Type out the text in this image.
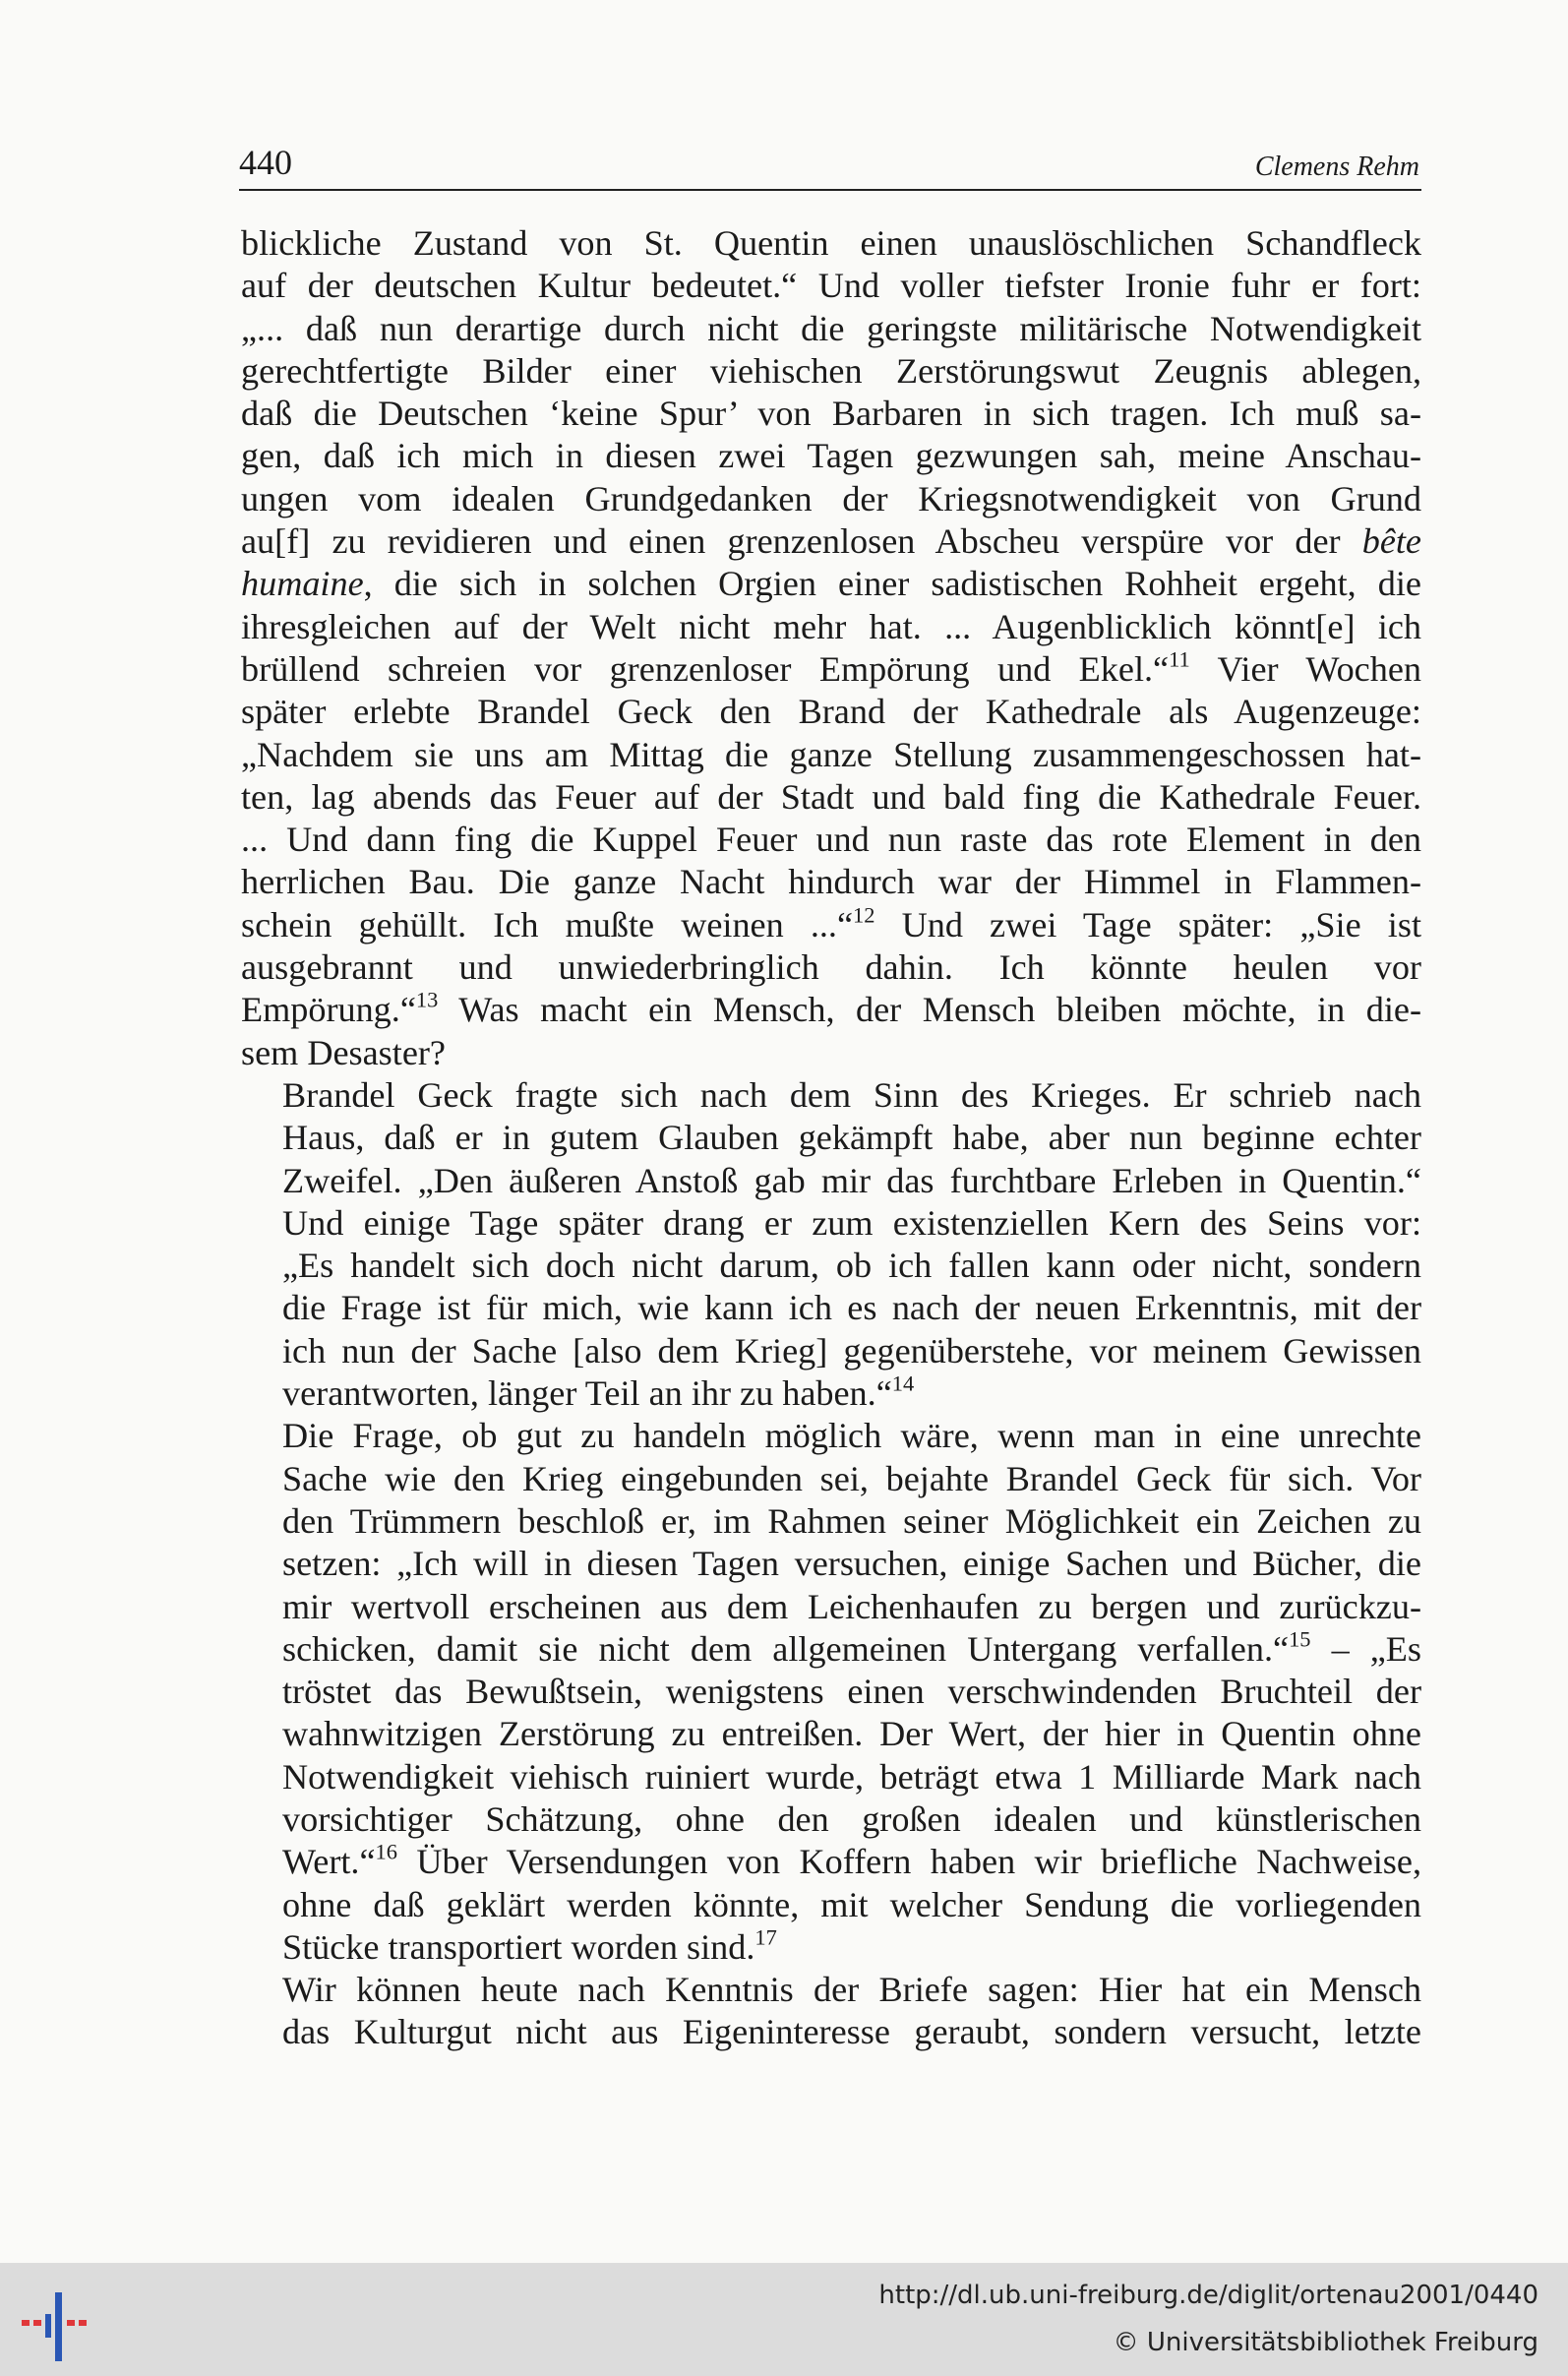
440	Clemens Rehm

blickliche Zustand von St. Quentin einen unauslöschlichen Schandfleck
auf der deutschen Kultur bedeutet.“ Und voller tiefster Ironie fuhr er fort:
„... daß nun derartige durch nicht die geringste militärische Notwendigkeit
gerechtfertigte Bilder einer viehischen Zerstörungswut Zeugnis ablegen,
daß die Deutschen ‘keine Spur’ von Barbaren in sich tragen. Ich muß sa-
gen, daß ich mich in diesen zwei Tagen gezwungen sah, meine Anschau-
ungen vom idealen Grundgedanken der Kriegsnotwendigkeit von Grund
au[f] zu revidieren und einen grenzenlosen Abscheu verspüre vor der bête
humaine, die sich in solchen Orgien einer sadistischen Rohheit ergeht, die
ihresgleichen auf der Welt nicht mehr hat. ... Augenblicklich könnt[e] ich
brüllend schreien vor grenzenloser Empörung und Ekel.“$^{11}$ Vier Wochen
später erlebte Brandel Geck den Brand der Kathedrale als Augenzeuge:
„Nachdem sie uns am Mittag die ganze Stellung zusammengeschossen hat-
ten, lag abends das Feuer auf der Stadt und bald fing die Kathedrale Feuer.
... Und dann fing die Kuppel Feuer und nun raste das rote Element in den
herrlichen Bau. Die ganze Nacht hindurch war der Himmel in Flammen-
schein gehüllt. Ich mußte weinen ...“$^{12}$ Und zwei Tage später: „Sie ist
ausgebrannt und unwiederbringlich dahin. Ich könnte heulen vor
Empörung.“$^{13}$ Was macht ein Mensch, der Mensch bleiben möchte, in die-
sem Desaster?

Brandel Geck fragte sich nach dem Sinn des Krieges. Er schrieb nach
Haus, daß er in gutem Glauben gekämpft habe, aber nun beginne echter
Zweifel. „Den äußeren Anstoß gab mir das furchtbare Erleben in Quentin.“
Und einige Tage später drang er zum existenziellen Kern des Seins vor:
„Es handelt sich doch nicht darum, ob ich fallen kann oder nicht, sondern
die Frage ist für mich, wie kann ich es nach der neuen Erkenntnis, mit der
ich nun der Sache [also dem Krieg] gegenüberstehe, vor meinem Gewissen
verantworten, länger Teil an ihr zu haben.“$^{14}$

Die Frage, ob gut zu handeln möglich wäre, wenn man in eine unrechte
Sache wie den Krieg eingebunden sei, bejahte Brandel Geck für sich. Vor
den Trümmern beschloß er, im Rahmen seiner Möglichkeit ein Zeichen zu
setzen: „Ich will in diesen Tagen versuchen, einige Sachen und Bücher, die
mir wertvoll erscheinen aus dem Leichenhaufen zu bergen und zurückzu-
schicken, damit sie nicht dem allgemeinen Untergang verfallen.“$^{15}$ – „Es
tröstet das Bewußtsein, wenigstens einen verschwindenden Bruchteil der
wahnwitzigen Zerstörung zu entreißen. Der Wert, der hier in Quentin ohne
Notwendigkeit viehisch ruiniert wurde, beträgt etwa 1 Milliarde Mark nach
vorsichtiger Schätzung, ohne den großen idealen und künstlerischen
Wert.“$^{16}$ Über Versendungen von Koffern haben wir briefliche Nachweise,
ohne daß geklärt werden könnte, mit welcher Sendung die vorliegenden
Stücke transportiert worden sind.$^{17}$

Wir können heute nach Kenntnis der Briefe sagen: Hier hat ein Mensch
das Kulturgut nicht aus Eigeninteresse geraubt, sondern versucht, letzte

http://dl.ub.uni-freiburg.de/diglit/ortenau2001/0440
© Universitätsbibliothek Freiburg
